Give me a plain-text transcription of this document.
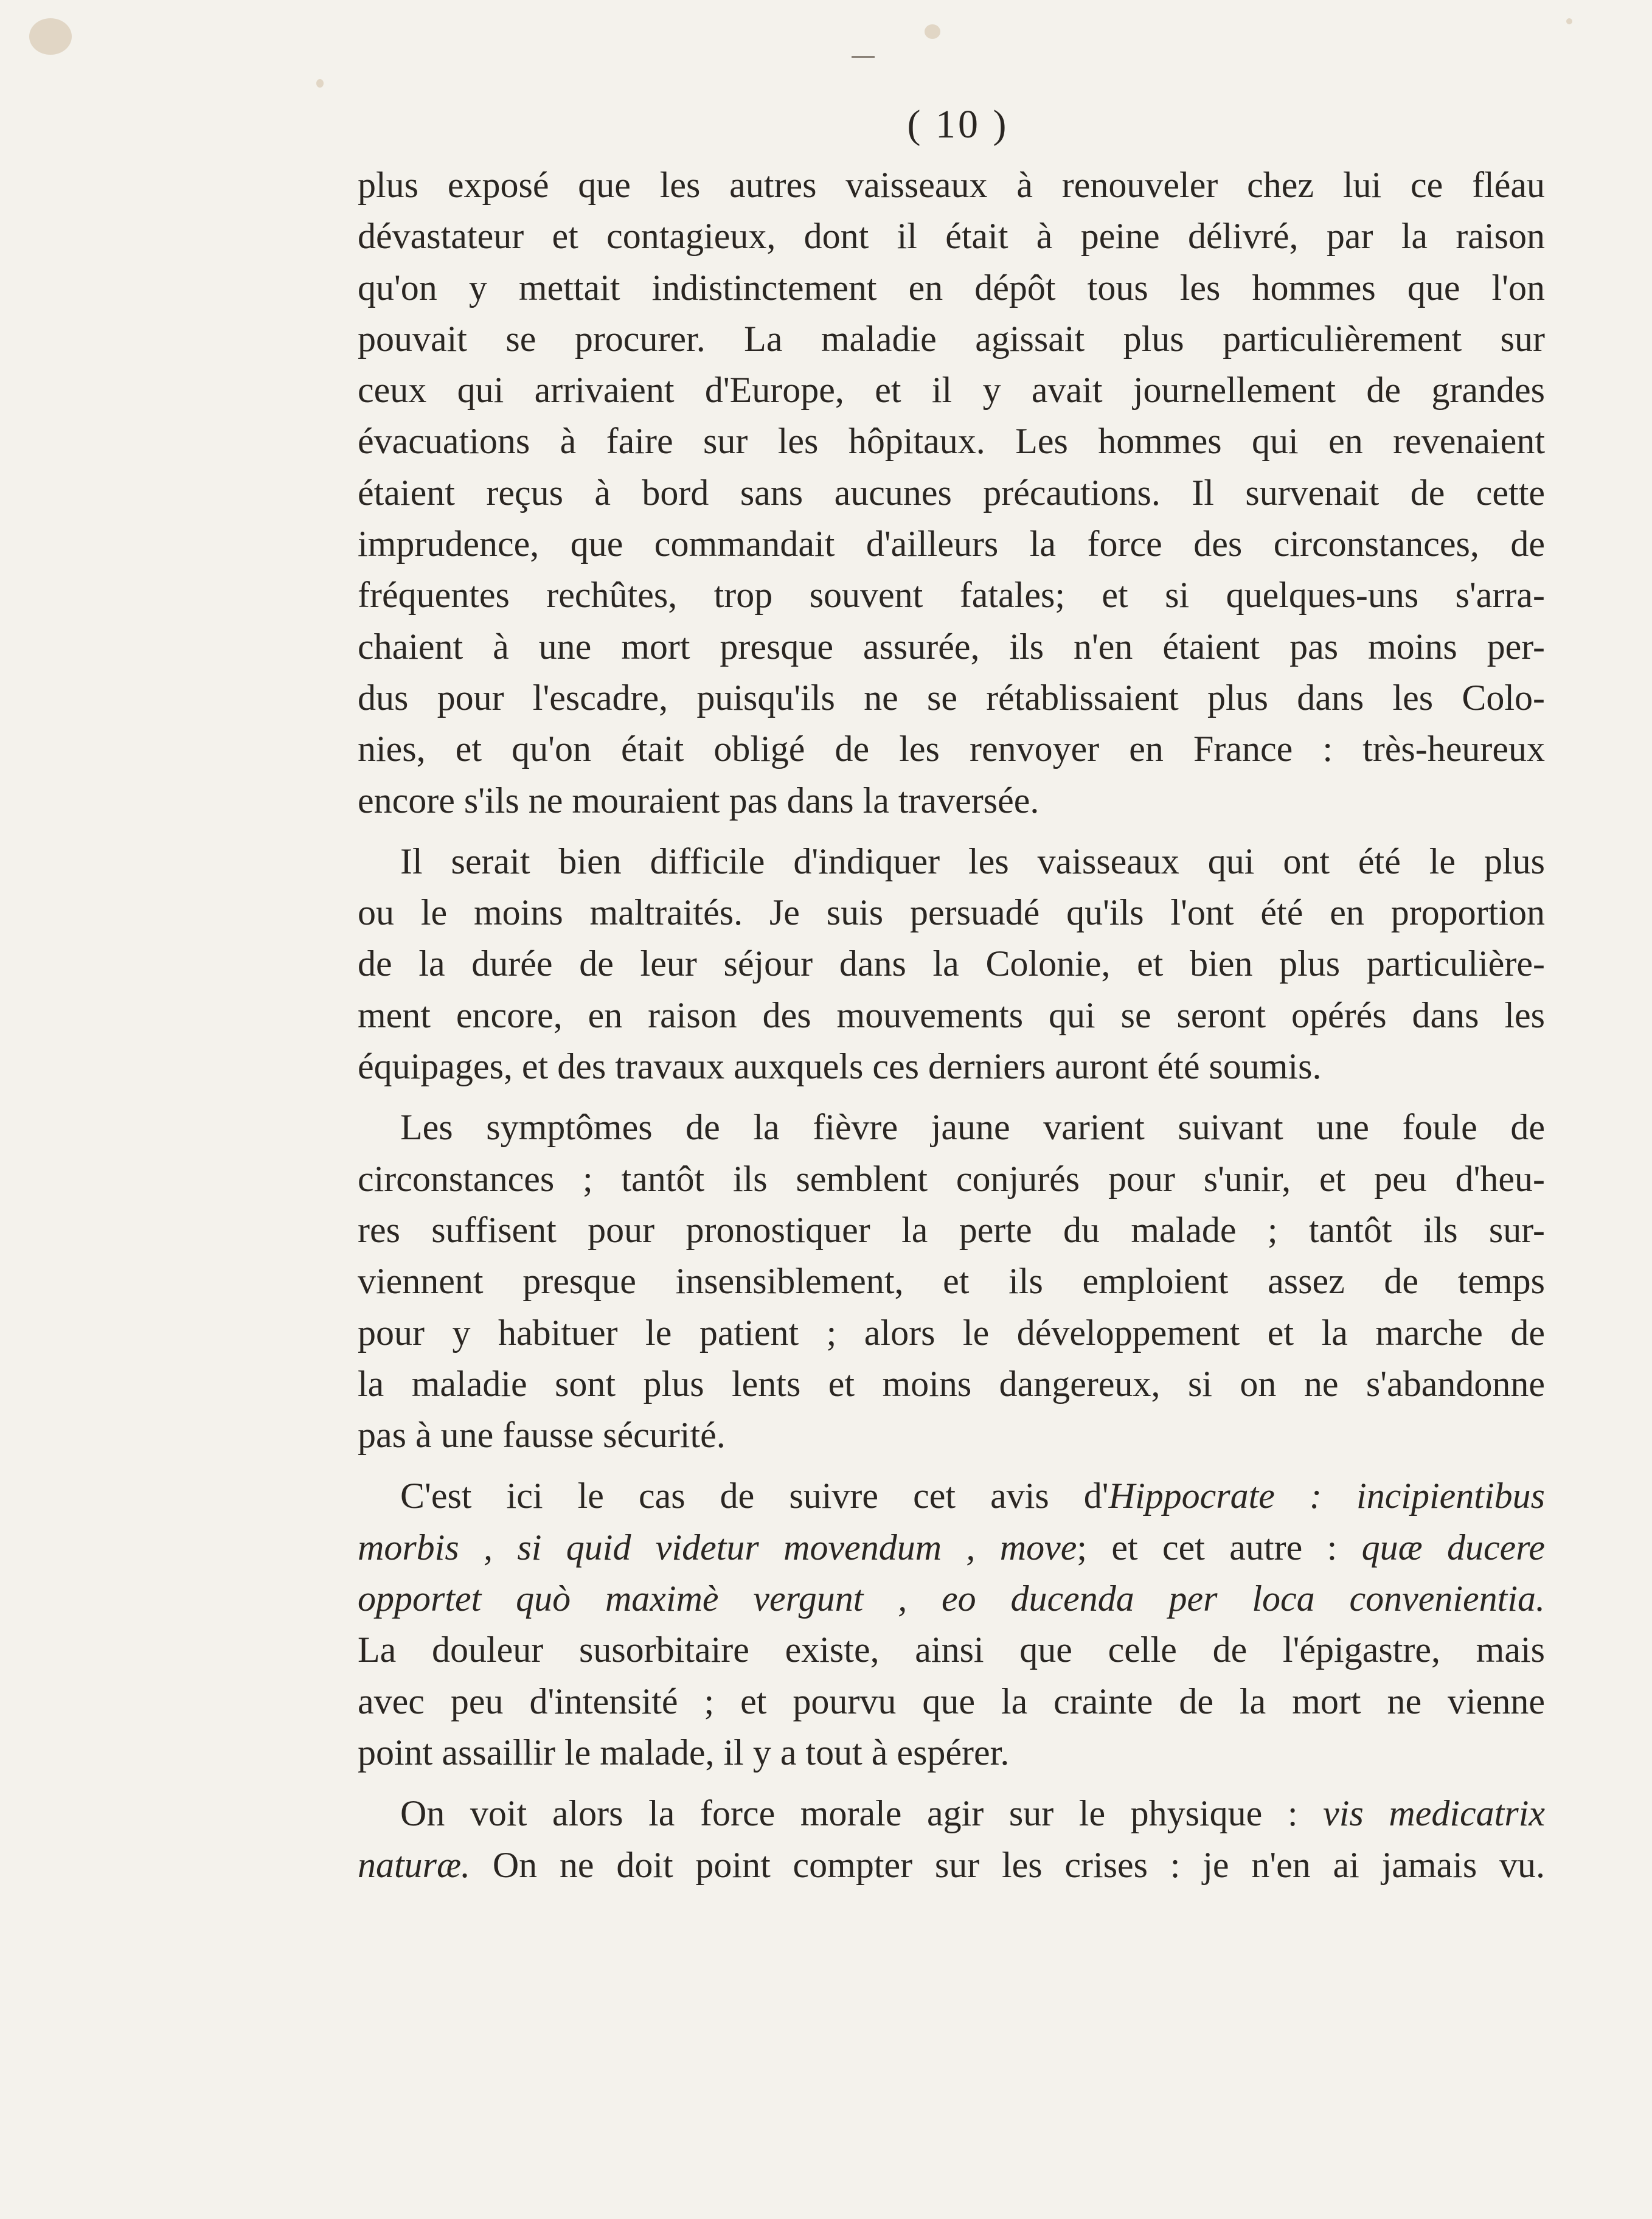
( 10 )
plus exposé que les autres vaisseaux à renouveler chez lui ce fléau
dévastateur et contagieux, dont il était à peine délivré, par la raison
qu'on y mettait indistinctement en dépôt tous les hommes que l'on
pouvait se procurer. La maladie agissait plus particulièrement sur
ceux qui arrivaient d'Europe, et il y avait journellement de grandes
évacuations à faire sur les hôpitaux. Les hommes qui en revenaient
étaient reçus à bord sans aucunes précautions. Il survenait de cette
imprudence, que commandait d'ailleurs la force des circonstances, de
fréquentes rechûtes, trop souvent fatales; et si quelques-uns s'arra-
chaient à une mort presque assurée, ils n'en étaient pas moins per-
dus pour l'escadre, puisqu'ils ne se rétablissaient plus dans les Colo-
nies, et qu'on était obligé de les renvoyer en France : très-heureux
encore s'ils ne mouraient pas dans la traversée.
Il serait bien difficile d'indiquer les vaisseaux qui ont été le plus
ou le moins maltraités. Je suis persuadé qu'ils l'ont été en proportion
de la durée de leur séjour dans la Colonie, et bien plus particulière-
ment encore, en raison des mouvements qui se seront opérés dans les
équipages, et des travaux auxquels ces derniers auront été soumis.
Les symptômes de la fièvre jaune varient suivant une foule de
circonstances ; tantôt ils semblent conjurés pour s'unir, et peu d'heu-
res suffisent pour pronostiquer la perte du malade ; tantôt ils sur-
viennent presque insensiblement, et ils emploient assez de temps
pour y habituer le patient ; alors le développement et la marche de
la maladie sont plus lents et moins dangereux, si on ne s'abandonne
pas à une fausse sécurité.
C'est ici le cas de suivre cet avis d'Hippocrate : incipientibus
morbis , si quid videtur movendum , move; et cet autre : quæ ducere
opportet quò maximè vergunt , eo ducenda per loca convenientia.
La douleur susorbitaire existe, ainsi que celle de l'épigastre, mais
avec peu d'intensité ; et pourvu que la crainte de la mort ne vienne
point assaillir le malade, il y a tout à espérer.
On voit alors la force morale agir sur le physique : vis medicatrix
naturæ. On ne doit point compter sur les crises : je n'en ai jamais vu.
